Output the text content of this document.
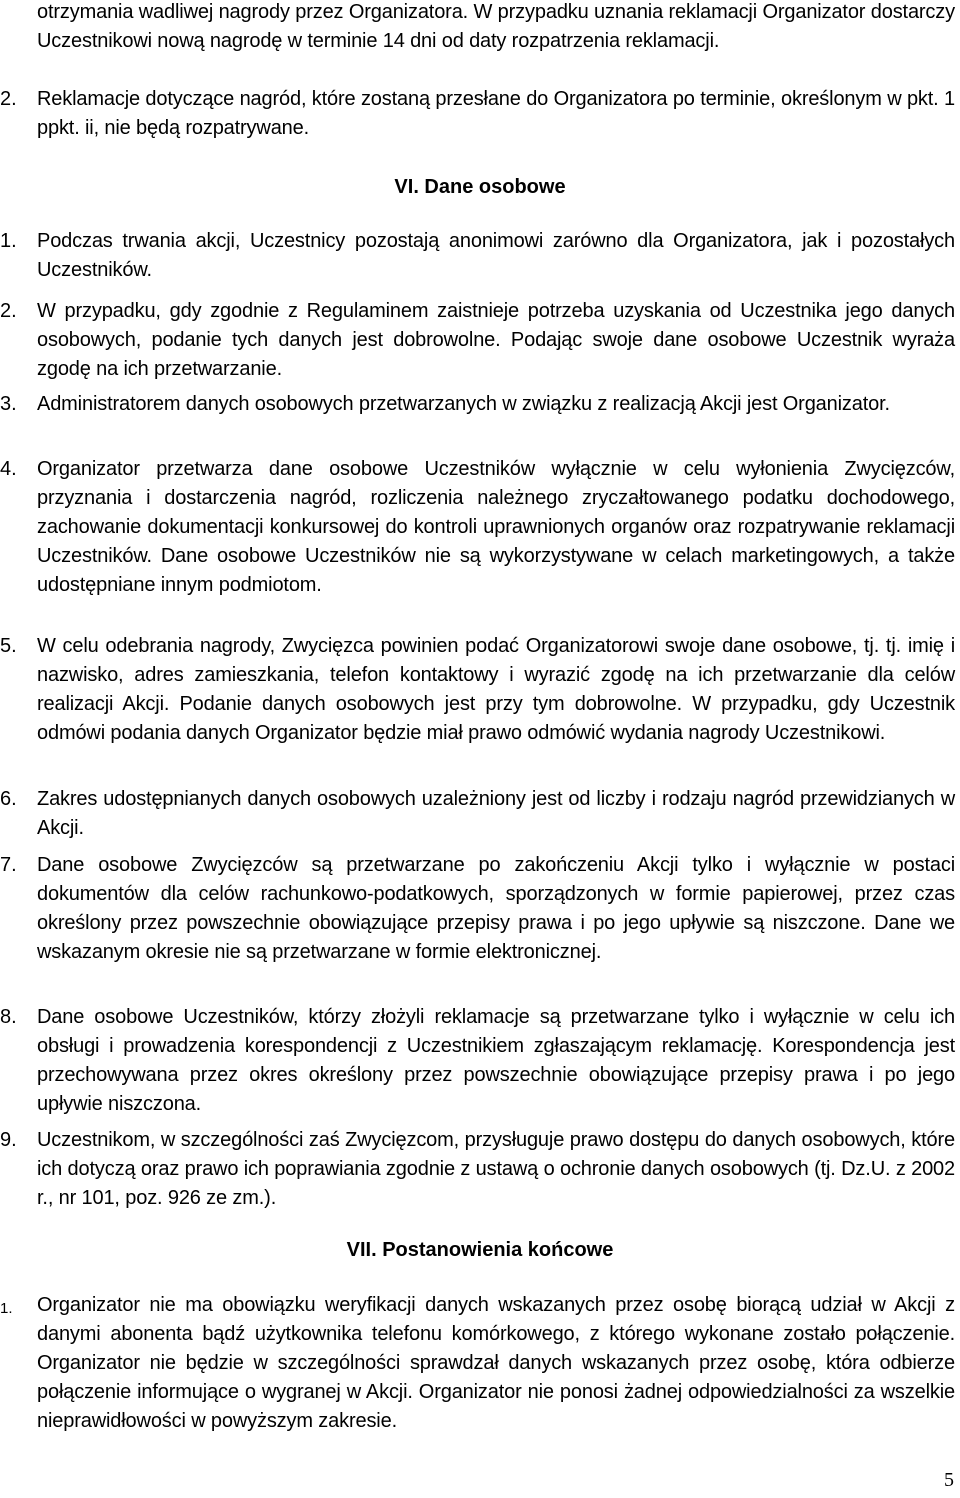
otrzymania wadliwej nagrody przez Organizatora. W przypadku uznania reklamacji Organizator dostarczy Uczestnikowi nową nagrodę w terminie 14 dni od daty rozpatrzenia reklamacji.
2. Reklamacje dotyczące nagród, które zostaną przesłane do Organizatora po terminie, określonym w pkt. 1 ppkt. ii, nie będą rozpatrywane.
VI. Dane osobowe
1. Podczas trwania akcji, Uczestnicy pozostają anonimowi zarówno dla Organizatora, jak i pozostałych Uczestników.
2. W przypadku, gdy zgodnie z Regulaminem zaistnieje potrzeba uzyskania od Uczestnika jego danych osobowych, podanie tych danych jest dobrowolne. Podając swoje dane osobowe Uczestnik wyraża zgodę na ich przetwarzanie.
3. Administratorem danych osobowych przetwarzanych w związku z realizacją Akcji jest Organizator.
4. Organizator przetwarza dane osobowe Uczestników wyłącznie w celu wyłonienia Zwycięzców, przyznania i dostarczenia nagród, rozliczenia należnego zryczałtowanego podatku dochodowego, zachowanie dokumentacji konkursowej do kontroli uprawnionych organów oraz rozpatrywanie reklamacji Uczestników. Dane osobowe Uczestników nie są wykorzystywane w celach marketingowych, a także udostępniane innym podmiotom.
5. W celu odebrania nagrody, Zwycięzca powinien podać Organizatorowi swoje dane osobowe, tj. tj. imię i nazwisko, adres zamieszkania, telefon kontaktowy i wyrazić zgodę na ich przetwarzanie dla celów realizacji Akcji. Podanie danych osobowych jest przy tym dobrowolne. W przypadku, gdy Uczestnik odmówi podania danych Organizator będzie miał prawo odmówić wydania nagrody Uczestnikowi.
6. Zakres udostępnianych danych osobowych uzależniony jest od liczby i rodzaju nagród przewidzianych w Akcji.
7. Dane osobowe Zwycięzców są przetwarzane po zakończeniu Akcji tylko i wyłącznie w postaci dokumentów dla celów rachunkowo-podatkowych, sporządzonych w formie papierowej, przez czas określony przez powszechnie obowiązujące przepisy prawa i po jego upływie są niszczone. Dane we wskazanym okresie nie są przetwarzane w formie elektronicznej.
8. Dane osobowe Uczestników, którzy złożyli reklamacje są przetwarzane tylko i wyłącznie w celu ich obsługi i prowadzenia korespondencji z Uczestnikiem zgłaszającym reklamację. Korespondencja jest przechowywana przez okres określony przez powszechnie obowiązujące przepisy prawa i po jego upływie niszczona.
9. Uczestnikom, w szczególności zaś Zwycięzcom, przysługuje prawo dostępu do danych osobowych, które ich dotyczą oraz prawo ich poprawiania zgodnie z ustawą o ochronie danych osobowych (tj. Dz.U. z 2002 r., nr 101, poz. 926 ze zm.).
VII. Postanowienia końcowe
1. Organizator nie ma obowiązku weryfikacji danych wskazanych przez osobę biorącą udział w Akcji z danymi abonenta bądź użytkownika telefonu komórkowego, z którego wykonane zostało połączenie. Organizator nie będzie w szczególności sprawdzał danych wskazanych przez osobę, która odbierze połączenie informujące o wygranej w Akcji. Organizator nie ponosi żadnej odpowiedzialności za wszelkie nieprawidłowości w powyższym zakresie.
5
